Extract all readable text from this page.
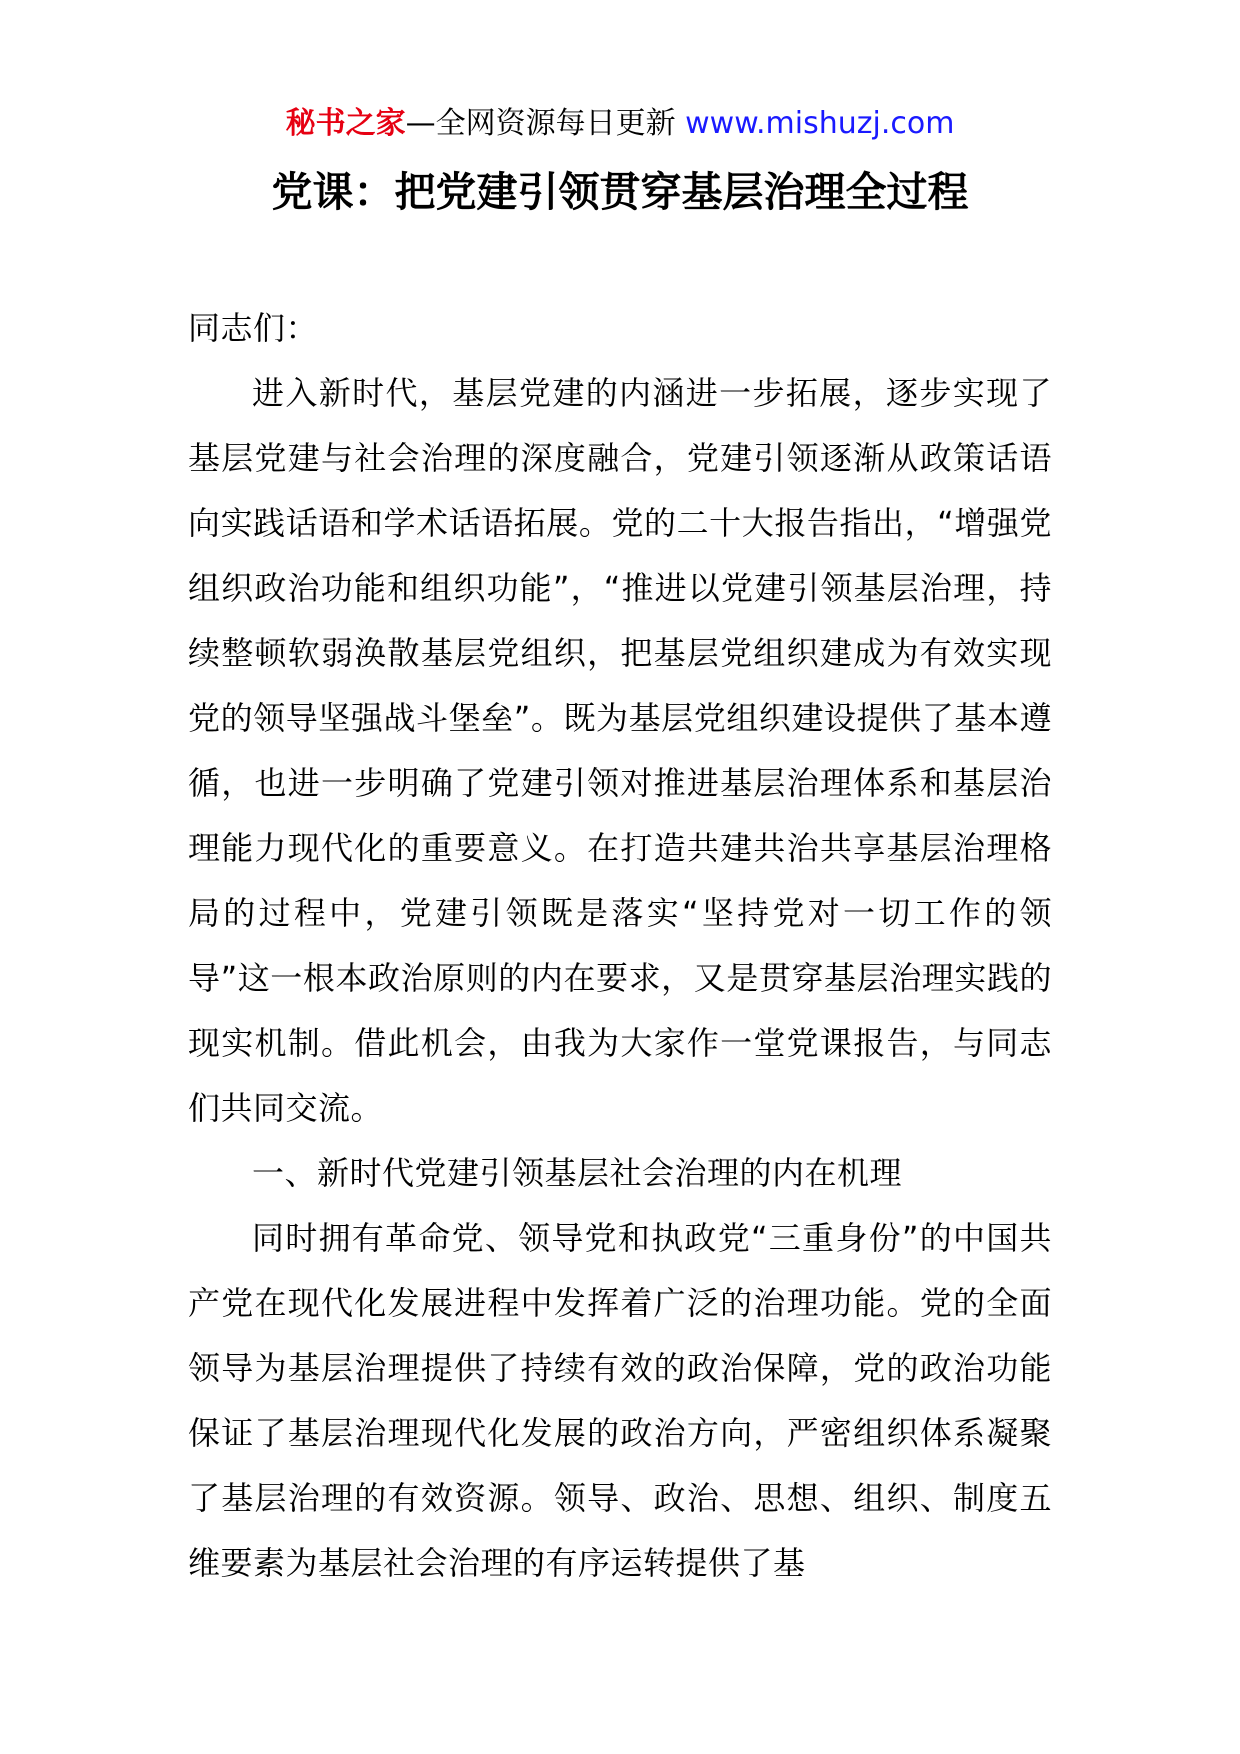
秘书之家—全网资源每日更新 www.mishuzj.com
党课：把党建引领贯穿基层治理全过程

同志们：

进入新时代，基层党建的内涵进一步拓展，逐步实现了基层党建与社会治理的深度融合，党建引领逐渐从政策话语向实践话语和学术话语拓展。党的二十大报告指出，“增强党组织政治功能和组织功能”，“推进以党建引领基层治理，持续整顿软弱涣散基层党组织，把基层党组织建成为有效实现党的领导坚强战斗堡垒”。既为基层党组织建设提供了基本遵循，也进一步明确了党建引领对推进基层治理体系和基层治理能力现代化的重要意义。在打造共建共治共享基层治理格局的过程中，党建引领既是落实“坚持党对一切工作的领导”这一根本政治原则的内在要求，又是贯穿基层治理实践的现实机制。借此机会，由我为大家作一堂党课报告，与同志们共同交流。

一、新时代党建引领基层社会治理的内在机理

同时拥有革命党、领导党和执政党“三重身份”的中国共产党在现代化发展进程中发挥着广泛的治理功能。党的全面领导为基层治理提供了持续有效的政治保障，党的政治功能保证了基层治理现代化发展的政治方向，严密组织体系凝聚了基层治理的有效资源。领导、政治、思想、组织、制度五维要素为基层社会治理的有序运转提供了基
